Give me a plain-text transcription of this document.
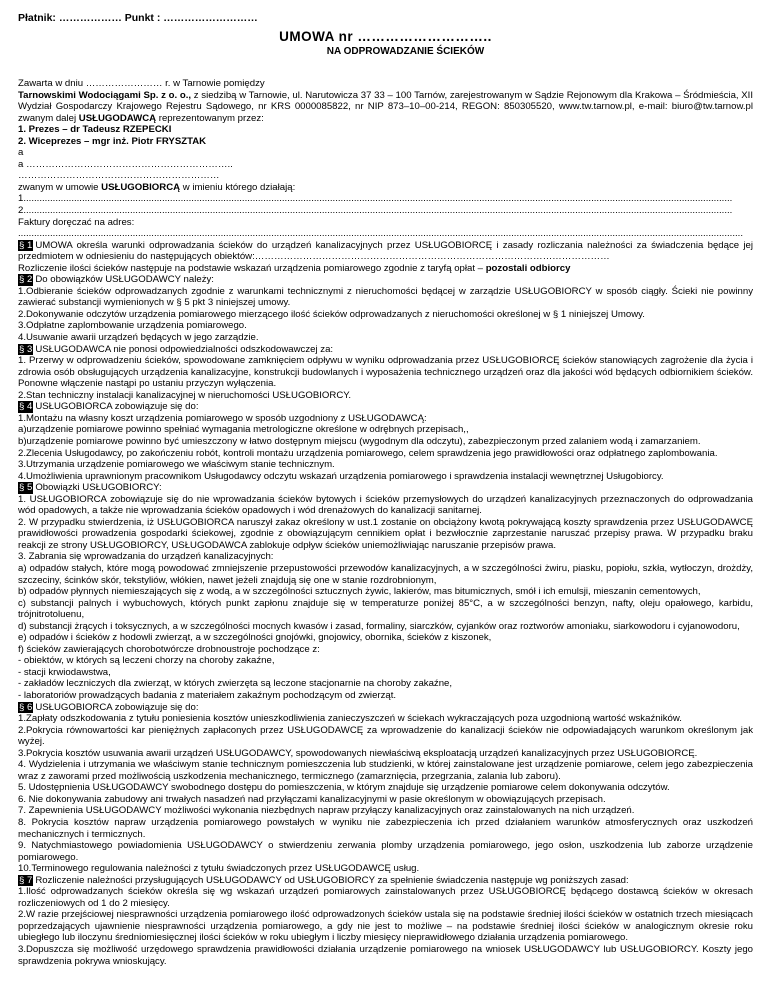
Płatnik: ……………… Punkt : ………………………
UMOWA nr ………………………..
NA ODPROWADZANIE ŚCIEKÓW

Zawarta w dniu …………………… r. w Tarnowie pomiędzy

Tarnowskimi Wodociągami Sp. z o. o., z siedzibą w Tarnowie, ul. Narutowicza 37 33 – 100 Tarnów, zarejestrowanym w Sądzie Rejonowym dla Krakowa – Śródmieścia, XII Wydział Gospodarczy Krajowego Rejestru Sądowego, nr KRS 0000085822, nr NIP 873–10–00-214, REGON: 850305520, www.tw.tarnow.pl, e-mail: biuro@tw.tarnow.pl zwanym dalej USŁUGODAWCĄ reprezentowanym przez:

1. Prezes – dr Tadeusz RZEPECKI

2. Wiceprezes – mgr inż. Piotr FRYSZTAK

a

a ………………………………………………………..

………………………………………………………

zwanym w umowie USŁUGOBIORCĄ w imieniu którego działają:

1..........................................................................................................................................................................................................................................................................

2..........................................................................................................................................................................................................................................................................

Faktury doręczać na adres:

................................................................................................................................................................................................................................................................................

§ 1 UMOWA określa warunki odprowadzania ścieków do urządzeń kanalizacyjnych przez USŁUGOBIORCĘ i zasady rozliczania należności za świadczenia będące jej przedmiotem w odniesieniu do następujących obiektów:…………………………………………………………………………………………………

Rozliczenie ilości ścieków następuje na podstawie wskazań urządzenia pomiarowego zgodnie z taryfą opłat – pozostali odbiorcy

§ 2 Do obowiązków USŁUGODAWCY należy:

1.Odbieranie ścieków odprowadzanych zgodnie z warunkami technicznymi z nieruchomości będącej w zarządzie USŁUGOBIORCY w sposób ciągły. Ścieki nie powinny zawierać substancji wymienionych w § 5 pkt 3 niniejszej umowy.

2.Dokonywanie odczytów urządzenia pomiarowego mierzącego ilość ścieków odprowadzanych z nieruchomości określonej w § 1 niniejszej Umowy.

3.Odpłatne zaplombowanie urządzenia pomiarowego.

4.Usuwanie awarii urządzeń będących w jego zarządzie.

§ 3 USŁUGODAWCA nie ponosi odpowiedzialności odszkodowawczej za:

1. Przerwy w odprowadzeniu ścieków, spowodowane zamknięciem odpływu w wyniku odprowadzania przez USŁUGOBIORCĘ ścieków stanowiących zagrożenie dla życia i zdrowia osób obsługujących urządzenia kanalizacyjne, konstrukcji budowlanych i wyposażenia technicznego urządzeń oraz dla jakości wód będących odbiornikiem ścieków. Ponowne włączenie nastąpi po ustaniu przyczyn wyłączenia.

2.Stan techniczny instalacji kanalizacyjnej w nieruchomości USŁUGOBIORCY.

§ 4 USŁUGOBIORCA zobowiązuje się do:

1.Montażu na własny koszt urządzenia pomiarowego w sposób uzgodniony z USŁUGODAWCĄ:

a)urządzenie pomiarowe powinno spełniać wymagania metrologiczne określone w odrębnych przepisach,,

b)urządzenie pomiarowe powinno być umieszczony w łatwo dostępnym miejscu (wygodnym dla odczytu), zabezpieczonym przed zalaniem wodą i zamarzaniem.

2.Zlecenia Usługodawcy, po zakończeniu robót, kontroli montażu urządzenia pomiarowego, celem sprawdzenia jego prawidłowości oraz odpłatnego zaplombowania.

3.Utrzymania urządzenie pomiarowego we właściwym stanie technicznym.

4.Umożliwienia uprawnionym pracownikom Usługodawcy odczytu wskazań urządzenia pomiarowego i sprawdzenia instalacji wewnętrznej Usługobiorcy.

§ 5 Obowiązki USŁUGOBIORCY:

1. USŁUGOBIORCA zobowiązuje się do nie wprowadzania ścieków bytowych i ścieków przemysłowych do urządzeń kanalizacyjnych przeznaczonych do odprowadzania wód opadowych, a także nie wprowadzania ścieków opadowych i wód drenażowych do kanalizacji sanitarnej.

2. W przypadku stwierdzenia, iż USŁUGOBIORCA naruszył zakaz określony w ust.1 zostanie on obciążony kwotą pokrywającą koszty sprawdzenia przez USŁUGODAWCĘ prawidłowości prowadzenia gospodarki ściekowej, zgodnie z obowiązującym cennikiem opłat i bezwłocznie zaprzestanie naruszać przepisy prawa. W przypadku braku reakcji ze strony USŁUGOBIORCY, USŁUGODAWCA zablokuje odpływ ścieków uniemożliwiając naruszanie przepisów prawa.

3. Zabrania się wprowadzania do urządzeń kanalizacyjnych:

a) odpadów stałych, które mogą powodować zmniejszenie przepustowości przewodów kanalizacyjnych, a w szczególności żwiru, piasku, popiołu, szkła, wytłoczyn, drożdży, szczeciny, ścinków skór, tekstyliów, włókien, nawet jeżeli znajdują się one w stanie rozdrobnionym,

b) odpadów płynnych niemieszających się z wodą, a w szczególności sztucznych żywic, lakierów, mas bitumicznych, smół i ich emulsji, mieszanin cementowych,

c) substancji palnych i wybuchowych, których punkt zapłonu znajduje się w temperaturze poniżej 85°C, a w szczególności benzyn, nafty, oleju opałowego, karbidu, trójnitrotoluenu,

d) substancji żrących i toksycznych, a w szczególności mocnych kwasów i zasad, formaliny, siarczków, cyjanków oraz roztworów amoniaku, siarkowodoru i cyjanowodoru,

e) odpadów i ścieków z hodowli zwierząt, a w szczególności gnojówki, gnojowicy, obornika, ścieków z kiszonek,

f) ścieków zawierających chorobotwórcze drobnoustroje pochodzące z:

- obiektów, w których są leczeni chorzy na choroby zakaźne,

- stacji krwiodawstwa,

- zakładów leczniczych dla zwierząt, w których zwierzęta są leczone stacjonarnie na choroby zakaźne,

- laboratoriów prowadzących badania z materiałem zakaźnym pochodzącym od zwierząt.

§ 6 USŁUGOBIORCA zobowiązuje się do:

1.Zapłaty odszkodowania z tytułu poniesienia kosztów unieszkodliwienia zanieczyszczeń w ściekach wykraczających poza uzgodnioną wartość wskaźników.

2.Pokrycia równowartości kar pieniężnych zapłaconych przez USŁUGODAWCĘ za wprowadzenie do kanalizacji ścieków nie odpowiadających warunkom określonym jak wyżej.

3.Pokrycia kosztów usuwania awarii urządzeń USŁUGODAWCY, spowodowanych niewłaściwą eksploatacją urządzeń kanalizacyjnych przez USŁUGOBIORCĘ.

4. Wydzielenia i utrzymania we właściwym stanie technicznym pomieszczenia lub studzienki, w której zainstalowane jest urządzenie pomiarowe, celem jego zabezpieczenia wraz z zaworami przed możliwością uszkodzenia mechanicznego, termicznego (zamarznięcia, przegrzania, zalania lub zaboru).

5. Udostępnienia USŁUGODAWCY swobodnego dostępu do pomieszczenia, w którym znajduje się urządzenie pomiarowe celem dokonywania odczytów.

6. Nie dokonywania zabudowy ani trwałych nasadzeń nad przyłączami kanalizacyjnymi w pasie określonym w obowiązujących przepisach.

7. Zapewnienia USŁUGODAWCY możliwości wykonania niezbędnych napraw przyłączy kanalizacyjnych oraz zainstalowanych na nich urządzeń.

8. Pokrycia kosztów napraw urządzenia pomiarowego powstałych w wyniku nie zabezpieczenia ich przed działaniem warunków atmosferycznych oraz uszkodzeń mechanicznych i termicznych.

9. Natychmiastowego powiadomienia USŁUGODAWCY o stwierdzeniu zerwania plomby urządzenia pomiarowego, jego osłon, uszkodzenia lub zaborze urządzenie pomiarowego.

10.Terminowego regulowania należności z tytułu świadczonych przez USŁUGODAWCĘ usług.

§ 7 Rozliczenie należności przysługujących USŁUGODAWCY od USŁUGOBIORCY za spełnienie świadczenia następuje wg poniższych zasad:

1.Ilość odprowadzanych ścieków określa się wg wskazań urządzeń pomiarowych zainstalowanych przez USŁUGOBIORCĘ będącego dostawcą ścieków w okresach rozliczeniowych od 1 do 2 miesięcy.

2.W razie przejściowej niesprawności urządzenia pomiarowego ilość odprowadzonych ścieków ustala się na podstawie średniej ilości ścieków w ostatnich trzech miesiącach poprzedzających ujawnienie niesprawności urządzenia pomiarowego, a gdy nie jest to możliwe – na podstawie średniej ilości ścieków w analogicznym okresie roku ubiegłego lub iloczynu średniomiesięcznej ilości ścieków w roku ubiegłym i liczby miesięcy nieprawidłowego działania urządzenia pomiarowego.

3.Dopuszcza się możliwość urzędowego sprawdzenia prawidłowości działania urządzenie pomiarowego na wniosek USŁUGODAWCY lub USŁUGOBIORCY. Koszty jego sprawdzenia pokrywa wnioskujący.
